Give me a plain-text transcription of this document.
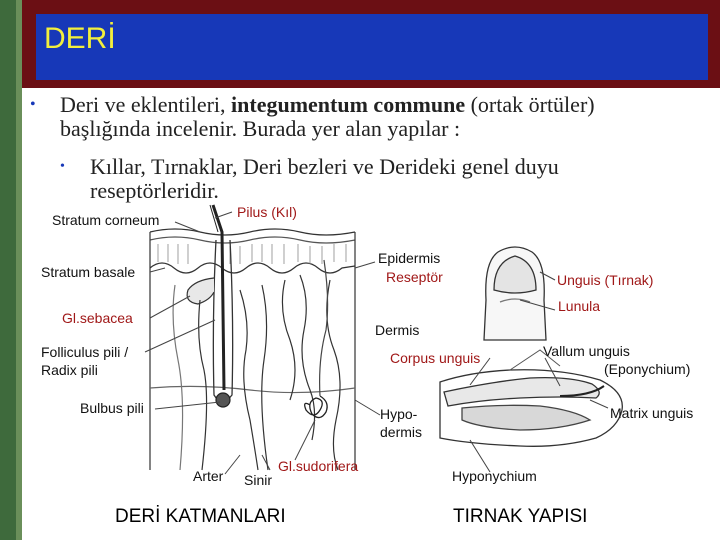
DERİ
• Deri ve eklentileri, integumentum commune (ortak örtüler) başlığında incelenir. Burada yer alan yapılar :
• Kıllar, Tırnaklar, Deri bezleri ve Derideki genel duyu reseptörleridir.
Stratum corneum	Pilus (Kıl)
Stratum basale
Epidermis
Reseptör
Gl.sebacea
Dermis
Folliculus pili /
Radix pili
Bulbus pili	Hypo-
dermis
Arter Sinir
Gl.sudorifera
Unguis (Tırnak)
Lunula
Corpus unguis	Vallum unguis
(Eponychium)
Matrix unguis
Hyponychium
DERİ KATMANLARI	TIRNAK YAPISI
